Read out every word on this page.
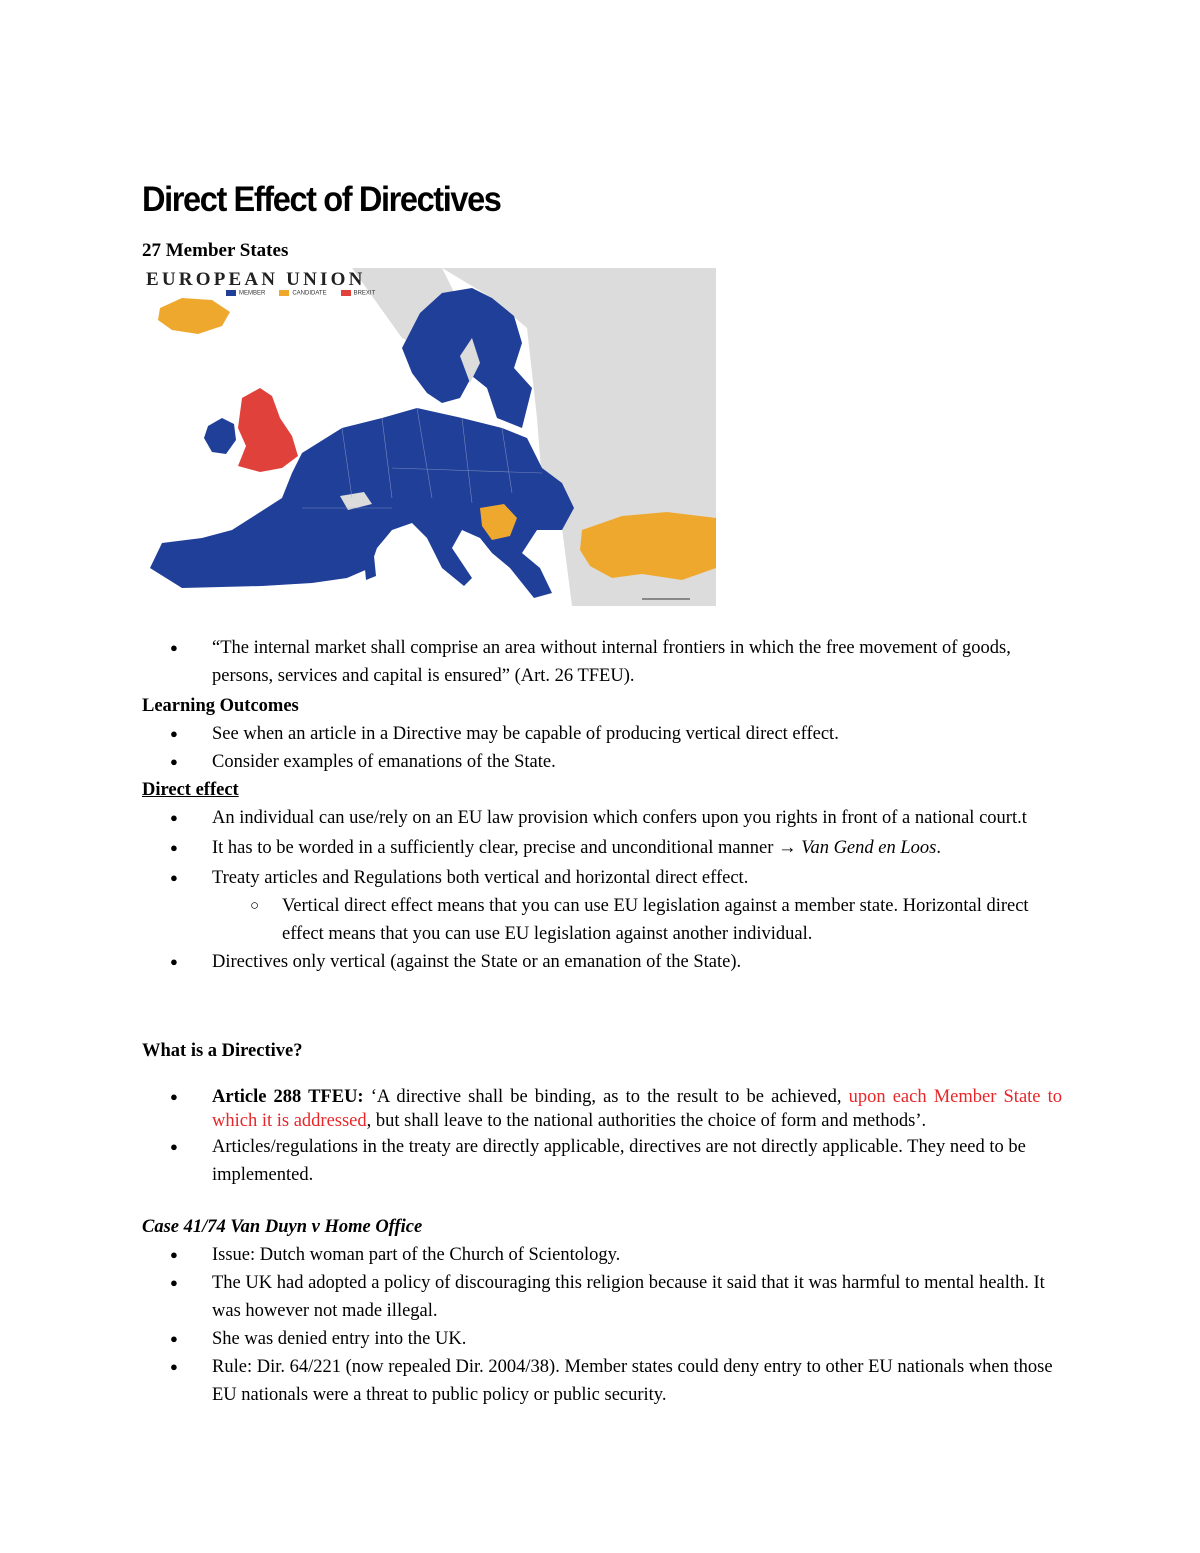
Direct Effect of Directives
27 Member States
EUROPEAN UNION
MEMBER	CANDIDATE	BREXIT
● “The internal market shall comprise an area without internal frontiers in which the free movement of goods, persons, services and capital is ensured” (Art. 26 TFEU).
Learning Outcomes
● See when an article in a Directive may be capable of producing vertical direct effect.
● Consider examples of emanations of the State.
Direct effect
● An individual can use/rely on an EU law provision which confers upon you rights in front of a national court.t
● It has to be worded in a sufficiently clear, precise and unconditional manner → Van Gend en Loos.
● Treaty articles and Regulations both vertical and horizontal direct effect.
○ Vertical direct effect means that you can use EU legislation against a member state. Horizontal direct effect means that you can use EU legislation against another individual.
● Directives only vertical (against the State or an emanation of the State).
What is a Directive?
● Article 288 TFEU: ‘A directive shall be binding, as to the result to be achieved, upon each Member State to which it is addressed, but shall leave to the national authorities the choice of form and methods’.
● Articles/regulations in the treaty are directly applicable, directives are not directly applicable. They need to be implemented.
Case 41/74 Van Duyn v Home Office
● Issue: Dutch woman part of the Church of Scientology.
● The UK had adopted a policy of discouraging this religion because it said that it was harmful to mental health. It was however not made illegal.
● She was denied entry into the UK.
● Rule: Dir. 64/221 (now repealed Dir. 2004/38). Member states could deny entry to other EU nationals when those EU nationals were a threat to public policy or public security.
